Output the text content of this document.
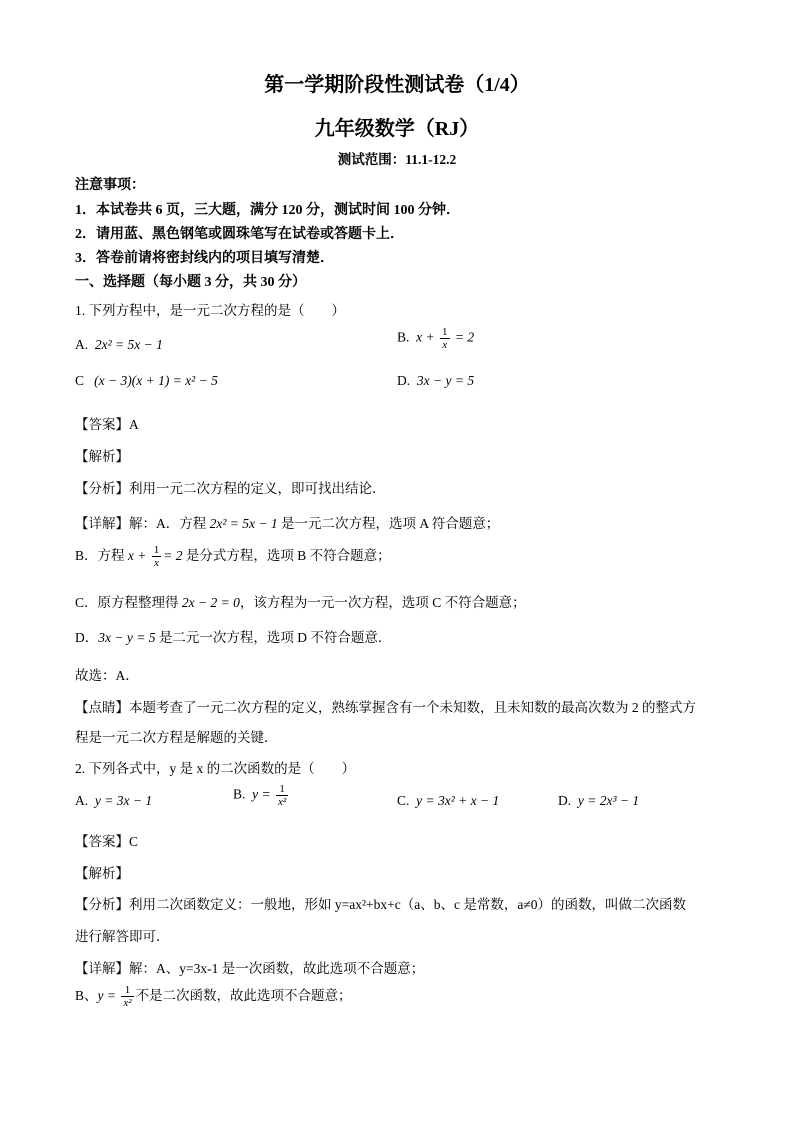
第一学期阶段性测试卷（1/4）
九年级数学（RJ）
测试范围：11.1-12.2
注意事项：
1．本试卷共 6 页，三大题，满分 120 分，测试时间 100 分钟．
2．请用蓝、黑色钢笔或圆珠笔写在试卷或答题卡上．
3．答卷前请将密封线内的项目填写清楚．
一、选择题（每小题 3 分，共 30 分）
1. 下列方程中，是一元二次方程的是（　　）
A. 2x² = 5x − 1	B. $x + \frac{1}{x} = 2$
C (x − 3)(x + 1) = x² − 5	D. 3x − y = 5
【答案】A
【解析】
【分析】利用一元二次方程的定义，即可找出结论．
【详解】解：A．方程 2x² = 5x − 1 是一元二次方程，选项 A 符合题意；
B．方程 $x + \frac{1}{x} = 2$ 是分式方程，选项 B 不符合题意；
C．原方程整理得 2x − 2 = 0，该方程为一元一次方程，选项 C 不符合题意；
D．3x − y = 5 是二元一次方程，选项 D 不符合题意．
故选：A．
【点睛】本题考查了一元二次方程的定义，熟练掌握含有一个未知数，且未知数的最高次数为 2 的整式方
程是一元二次方程是解题的关键．
2. 下列各式中，y 是 x 的二次函数的是（　　）
A. y = 3x − 1	B. $y = \frac{1}{\text{x²}}$	C. y = 3x² + x − 1	D. y = 2x³ − 1
【答案】C
【解析】
【分析】利用二次函数定义：一般地，形如 y=ax²+bx+c（a、b、c 是常数，a≠0）的函数，叫做二次函数
进行解答即可．
【详解】解：A、y=3x-1 是一次函数，故此选项不合题意；
B、$y = \frac{1}{\text{x²}}$ 不是二次函数，故此选项不合题意；
